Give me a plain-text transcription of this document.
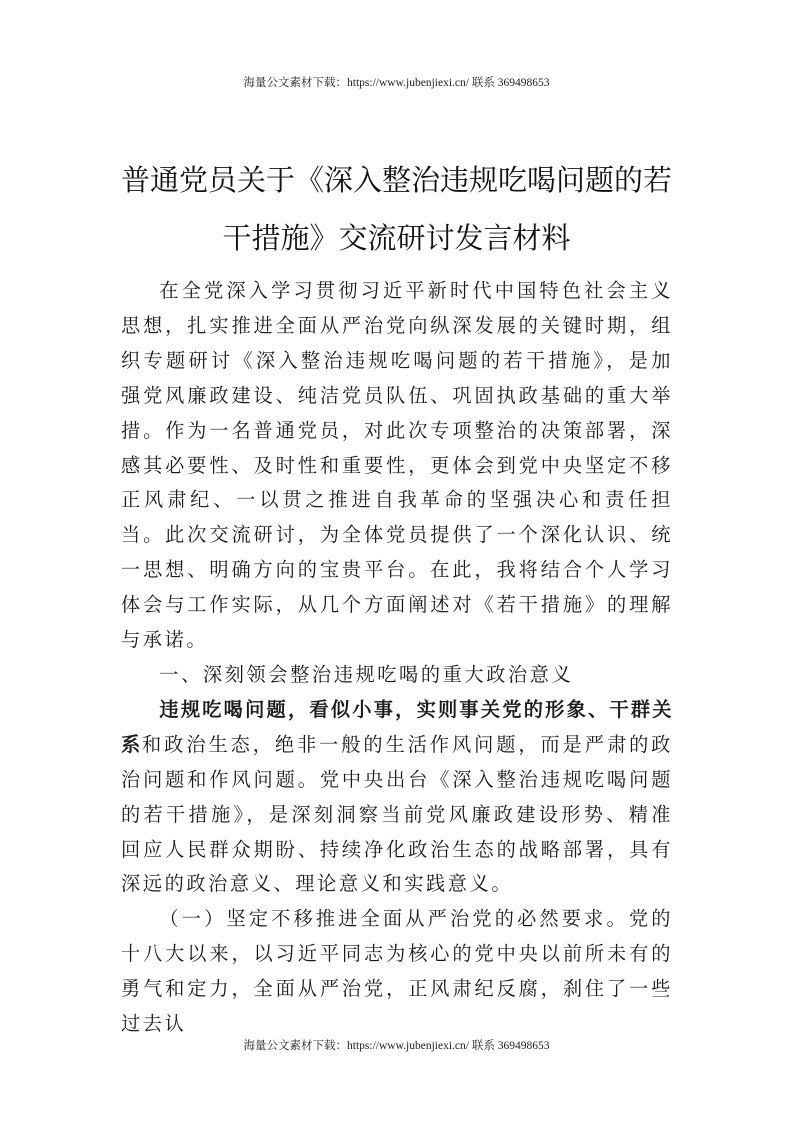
海量公文素材下载：https://www.jubenjiexi.cn/ 联系 369498653
普通党员关于《深入整治违规吃喝问题的若干措施》交流研讨发言材料

在全党深入学习贯彻习近平新时代中国特色社会主义思想，扎实推进全面从严治党向纵深发展的关键时期，组织专题研讨《深入整治违规吃喝问题的若干措施》，是加强党风廉政建设、纯洁党员队伍、巩固执政基础的重大举措。作为一名普通党员，对此次专项整治的决策部署，深感其必要性、及时性和重要性，更体会到党中央坚定不移正风肃纪、一以贯之推进自我革命的坚强决心和责任担当。此次交流研讨，为全体党员提供了一个深化认识、统一思想、明确方向的宝贵平台。在此，我将结合个人学习体会与工作实际，从几个方面阐述对《若干措施》的理解与承诺。

一、深刻领会整治违规吃喝的重大政治意义

违规吃喝问题，看似小事，实则事关党的形象、干群关系和政治生态，绝非一般的生活作风问题，而是严肃的政治问题和作风问题。党中央出台《深入整治违规吃喝问题的若干措施》，是深刻洞察当前党风廉政建设形势、精准回应人民群众期盼、持续净化政治生态的战略部署，具有深远的政治意义、理论意义和实践意义。

（一）坚定不移推进全面从严治党的必然要求。党的十八大以来，以习近平同志为核心的党中央以前所未有的勇气和定力，全面从严治党，正风肃纪反腐，刹住了一些过去认

海量公文素材下载：https://www.jubenjiexi.cn/ 联系 369498653
